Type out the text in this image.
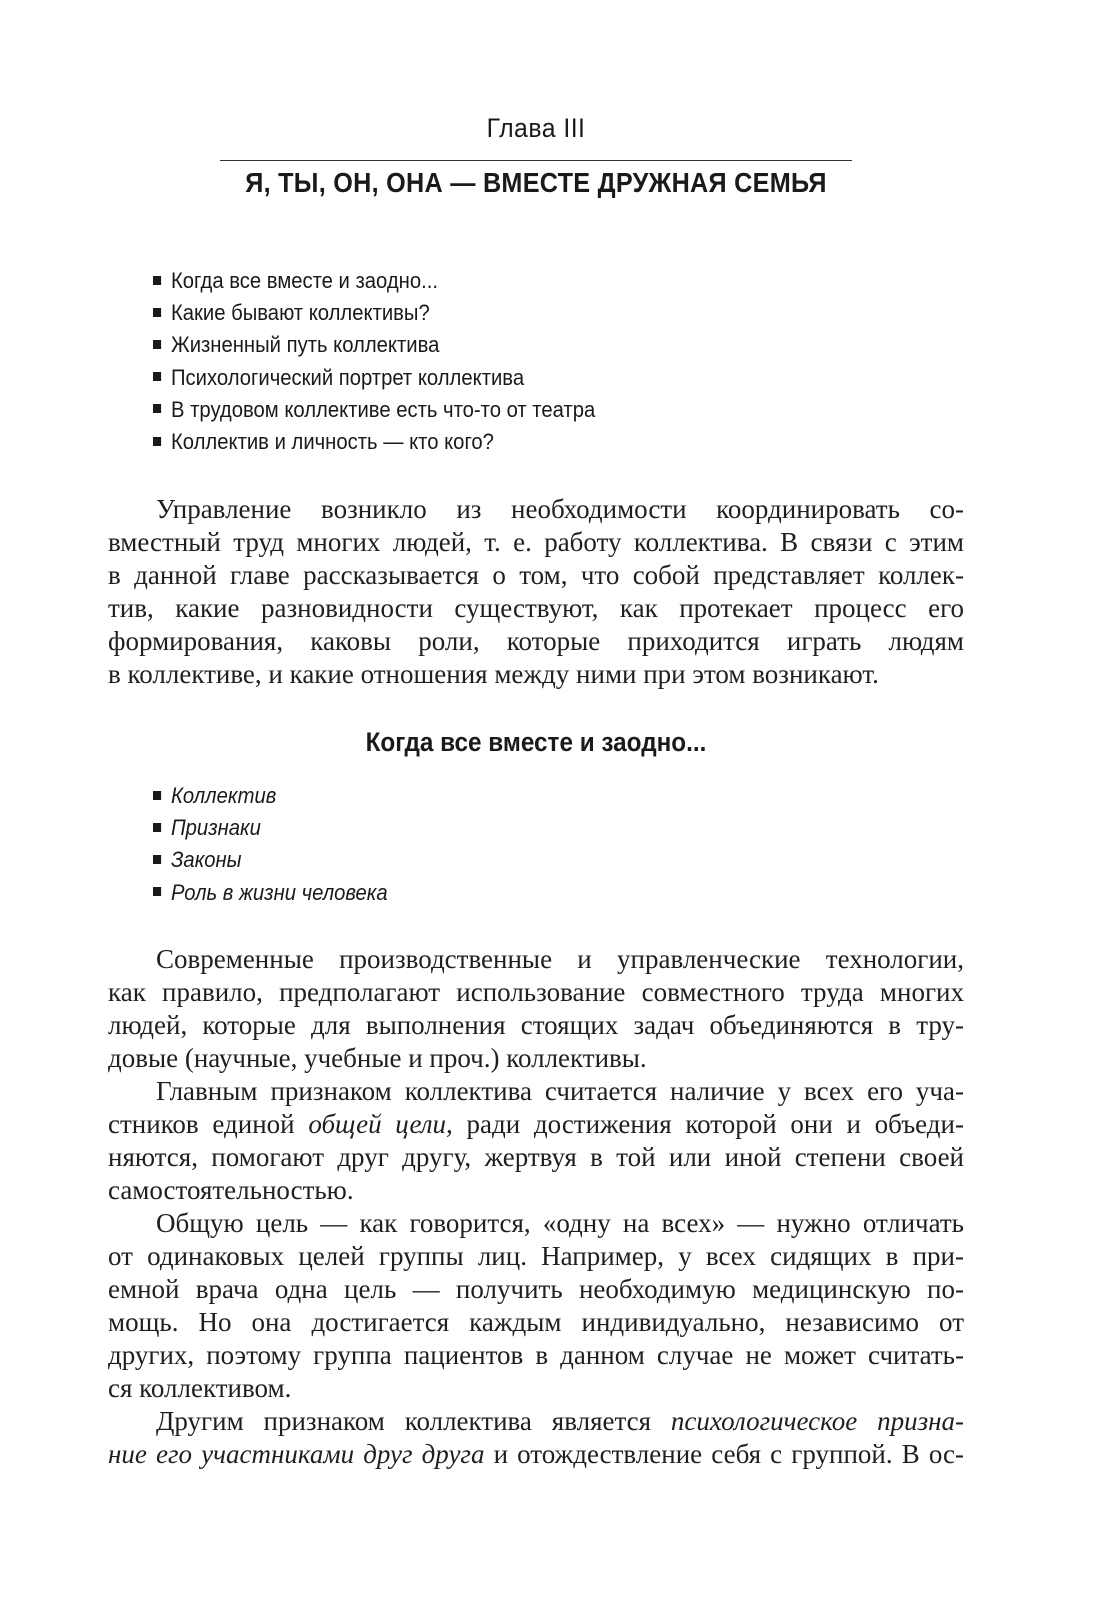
Глава III
Я, ТЫ, ОН, ОНА — ВМЕСТЕ ДРУЖНАЯ СЕМЬЯ
Когда все вместе и заодно...
Какие бывают коллективы?
Жизненный путь коллектива
Психологический портрет коллектива
В трудовом коллективе есть что-то от театра
Коллектив и личность — кто кого?
Управление возникло из необходимости координировать со-
вместный труд многих людей, т. е. работу коллектива. В связи с этим
в данной главе рассказывается о том, что собой представляет коллек-
тив, какие разновидности существуют, как протекает процесс его
формирования, каковы роли, которые приходится играть людям
в коллективе, и какие отношения между ними при этом возникают.
Когда все вместе и заодно...
Коллектив
Признаки
Законы
Роль в жизни человека
Современные производственные и управленческие технологии,
как правило, предполагают использование совместного труда многих
людей, которые для выполнения стоящих задач объединяются в тру-
довые (научные, учебные и проч.) коллективы.
Главным признаком коллектива считается наличие у всех его уча-
стников единой общей цели, ради достижения которой они и объеди-
няются, помогают друг другу, жертвуя в той или иной степени своей
самостоятельностью.
Общую цель — как говорится, «одну на всех» — нужно отличать
от одинаковых целей группы лиц. Например, у всех сидящих в при-
емной врача одна цель — получить необходимую медицинскую по-
мощь. Но она достигается каждым индивидуально, независимо от
других, поэтому группа пациентов в данном случае не может считать-
ся коллективом.
Другим признаком коллектива является психологическое призна-
ние его участниками друг друга и отождествление себя с группой. В ос-
